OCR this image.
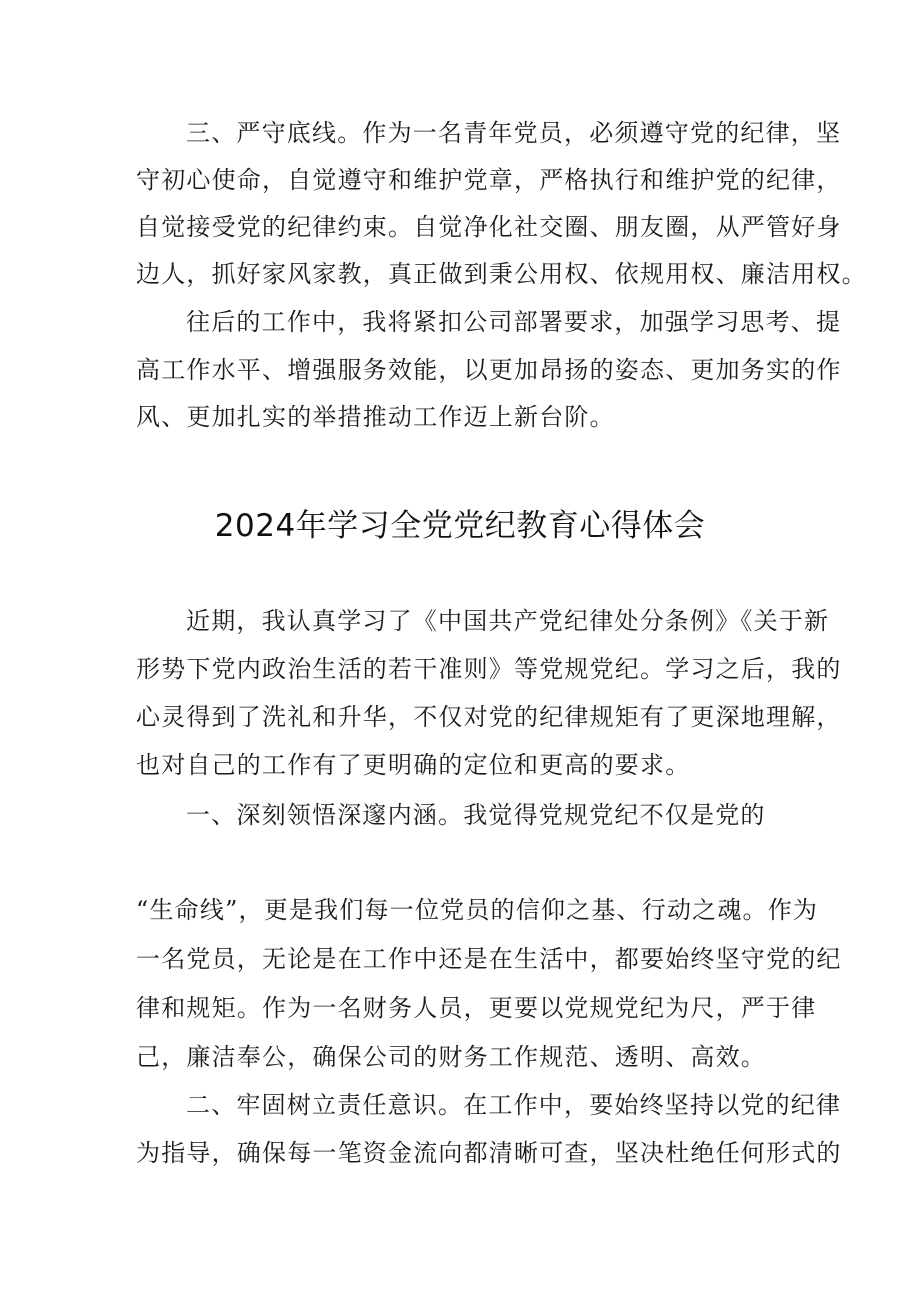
三、严守底线。作为一名青年党员，必须遵守党的纪律，坚
守初心使命，自觉遵守和维护党章，严格执行和维护党的纪律，
自觉接受党的纪律约束。自觉净化社交圈、朋友圈，从严管好身
边人，抓好家风家教，真正做到秉公用权、依规用权、廉洁用权。
往后的工作中，我将紧扣公司部署要求，加强学习思考、提
高工作水平、增强服务效能，以更加昂扬的姿态、更加务实的作
风、更加扎实的举措推动工作迈上新台阶。
2024年学习全党党纪教育心得体会
近期，我认真学习了《中国共产党纪律处分条例》《关于新
形势下党内政治生活的若干准则》等党规党纪。学习之后，我的
心灵得到了洗礼和升华，不仅对党的纪律规矩有了更深地理解，
也对自己的工作有了更明确的定位和更高的要求。
一、深刻领悟深邃内涵。我觉得党规党纪不仅是党的
“生命线”，更是我们每一位党员的信仰之基、行动之魂。作为
一名党员，无论是在工作中还是在生活中，都要始终坚守党的纪
律和规矩。作为一名财务人员，更要以党规党纪为尺，严于律
己，廉洁奉公，确保公司的财务工作规范、透明、高效。
二、牢固树立责任意识。在工作中，要始终坚持以党的纪律
为指导，确保每一笔资金流向都清晰可查，坚决杜绝任何形式的
